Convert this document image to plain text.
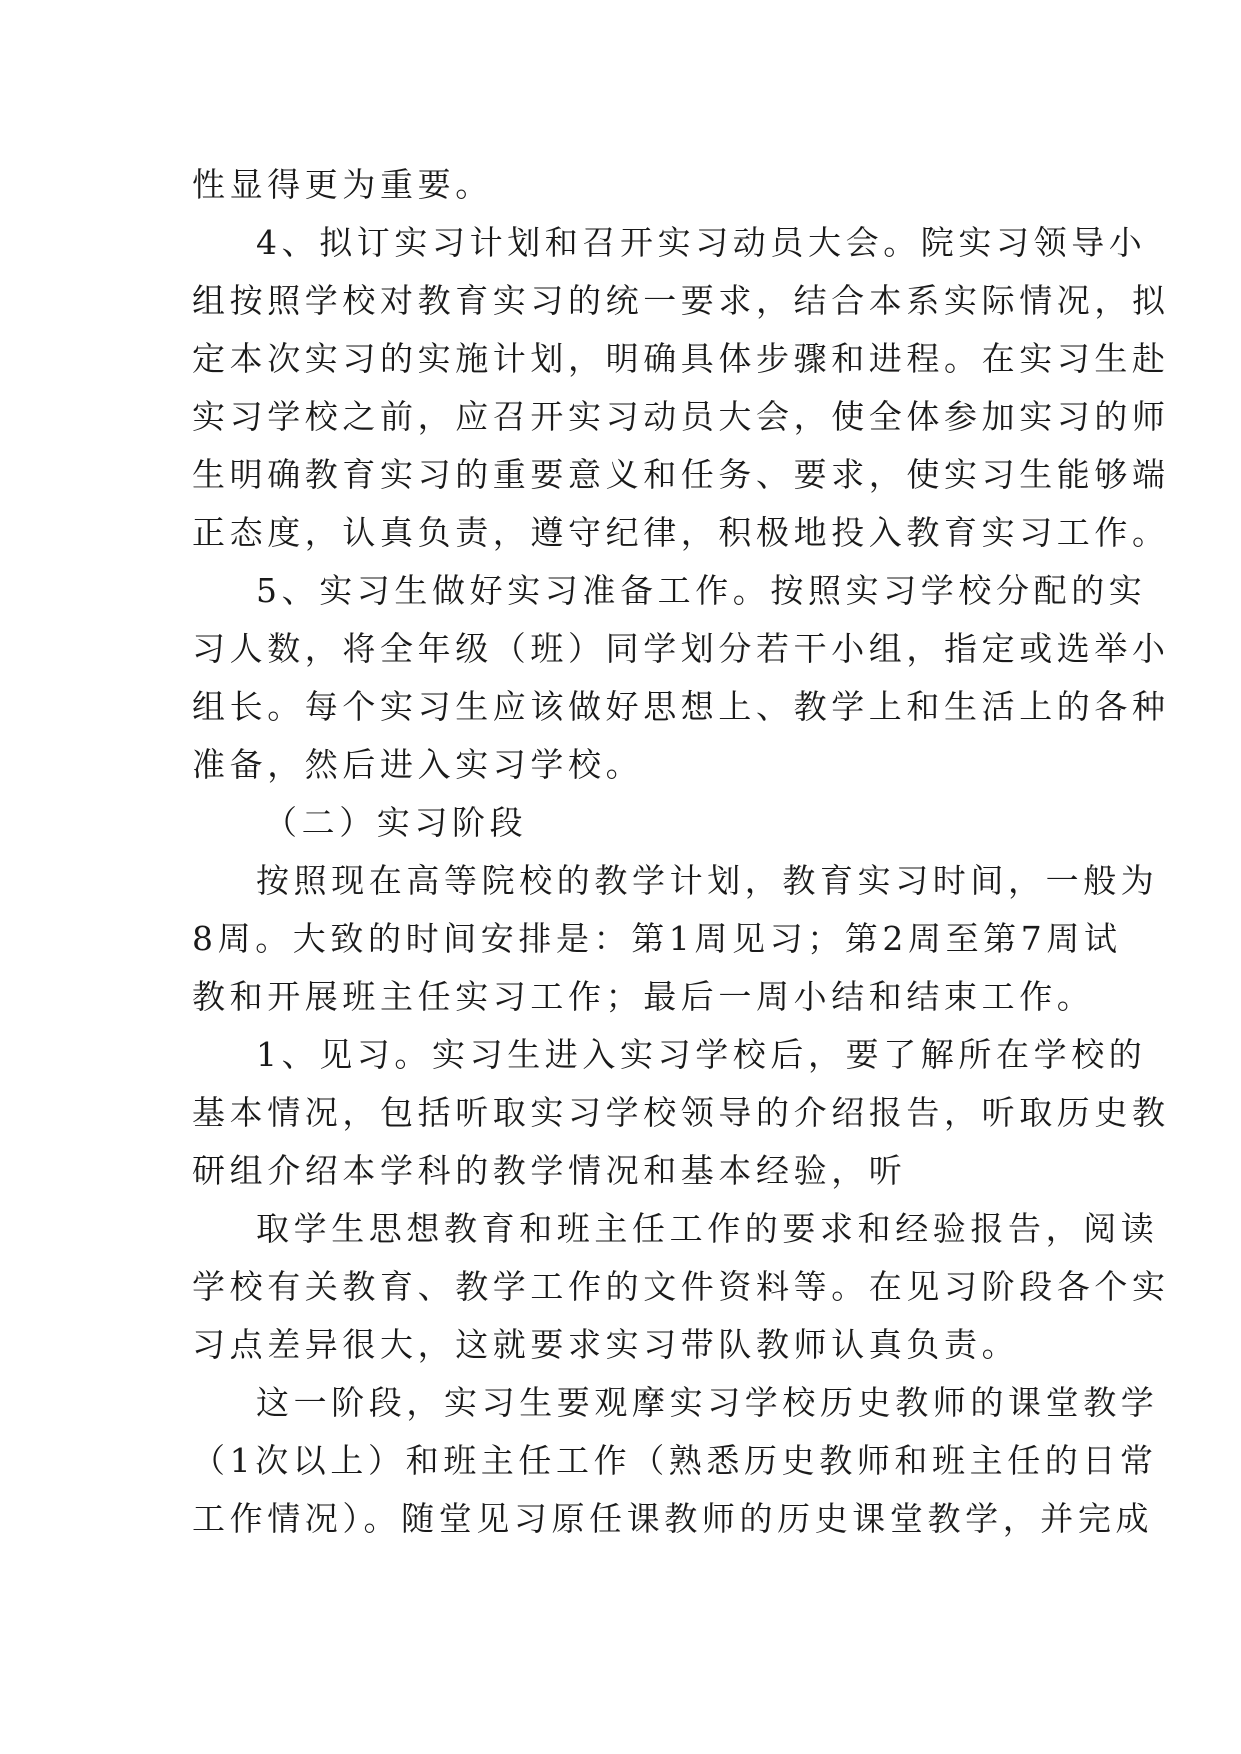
性显得更为重要。
4、拟订实习计划和召开实习动员大会。院实习领导小
组按照学校对教育实习的统一要求，结合本系实际情况，拟
定本次实习的实施计划，明确具体步骤和进程。在实习生赴
实习学校之前，应召开实习动员大会，使全体参加实习的师
生明确教育实习的重要意义和任务、要求，使实习生能够端
正态度，认真负责，遵守纪律，积极地投入教育实习工作。
5、实习生做好实习准备工作。按照实习学校分配的实
习人数，将全年级（班）同学划分若干小组，指定或选举小
组长。每个实习生应该做好思想上、教学上和生活上的各种
准备，然后进入实习学校。
（二）实习阶段
按照现在高等院校的教学计划，教育实习时间，一般为
8周。大致的时间安排是：第1周见习；第2周至第7周试
教和开展班主任实习工作；最后一周小结和结束工作。
1、见习。实习生进入实习学校后，要了解所在学校的
基本情况，包括听取实习学校领导的介绍报告，听取历史教
研组介绍本学科的教学情况和基本经验，听
取学生思想教育和班主任工作的要求和经验报告，阅读
学校有关教育、教学工作的文件资料等。在见习阶段各个实
习点差异很大，这就要求实习带队教师认真负责。
这一阶段，实习生要观摩实习学校历史教师的课堂教学
（1次以上）和班主任工作（熟悉历史教师和班主任的日常
工作情况）。随堂见习原任课教师的历史课堂教学，并完成
